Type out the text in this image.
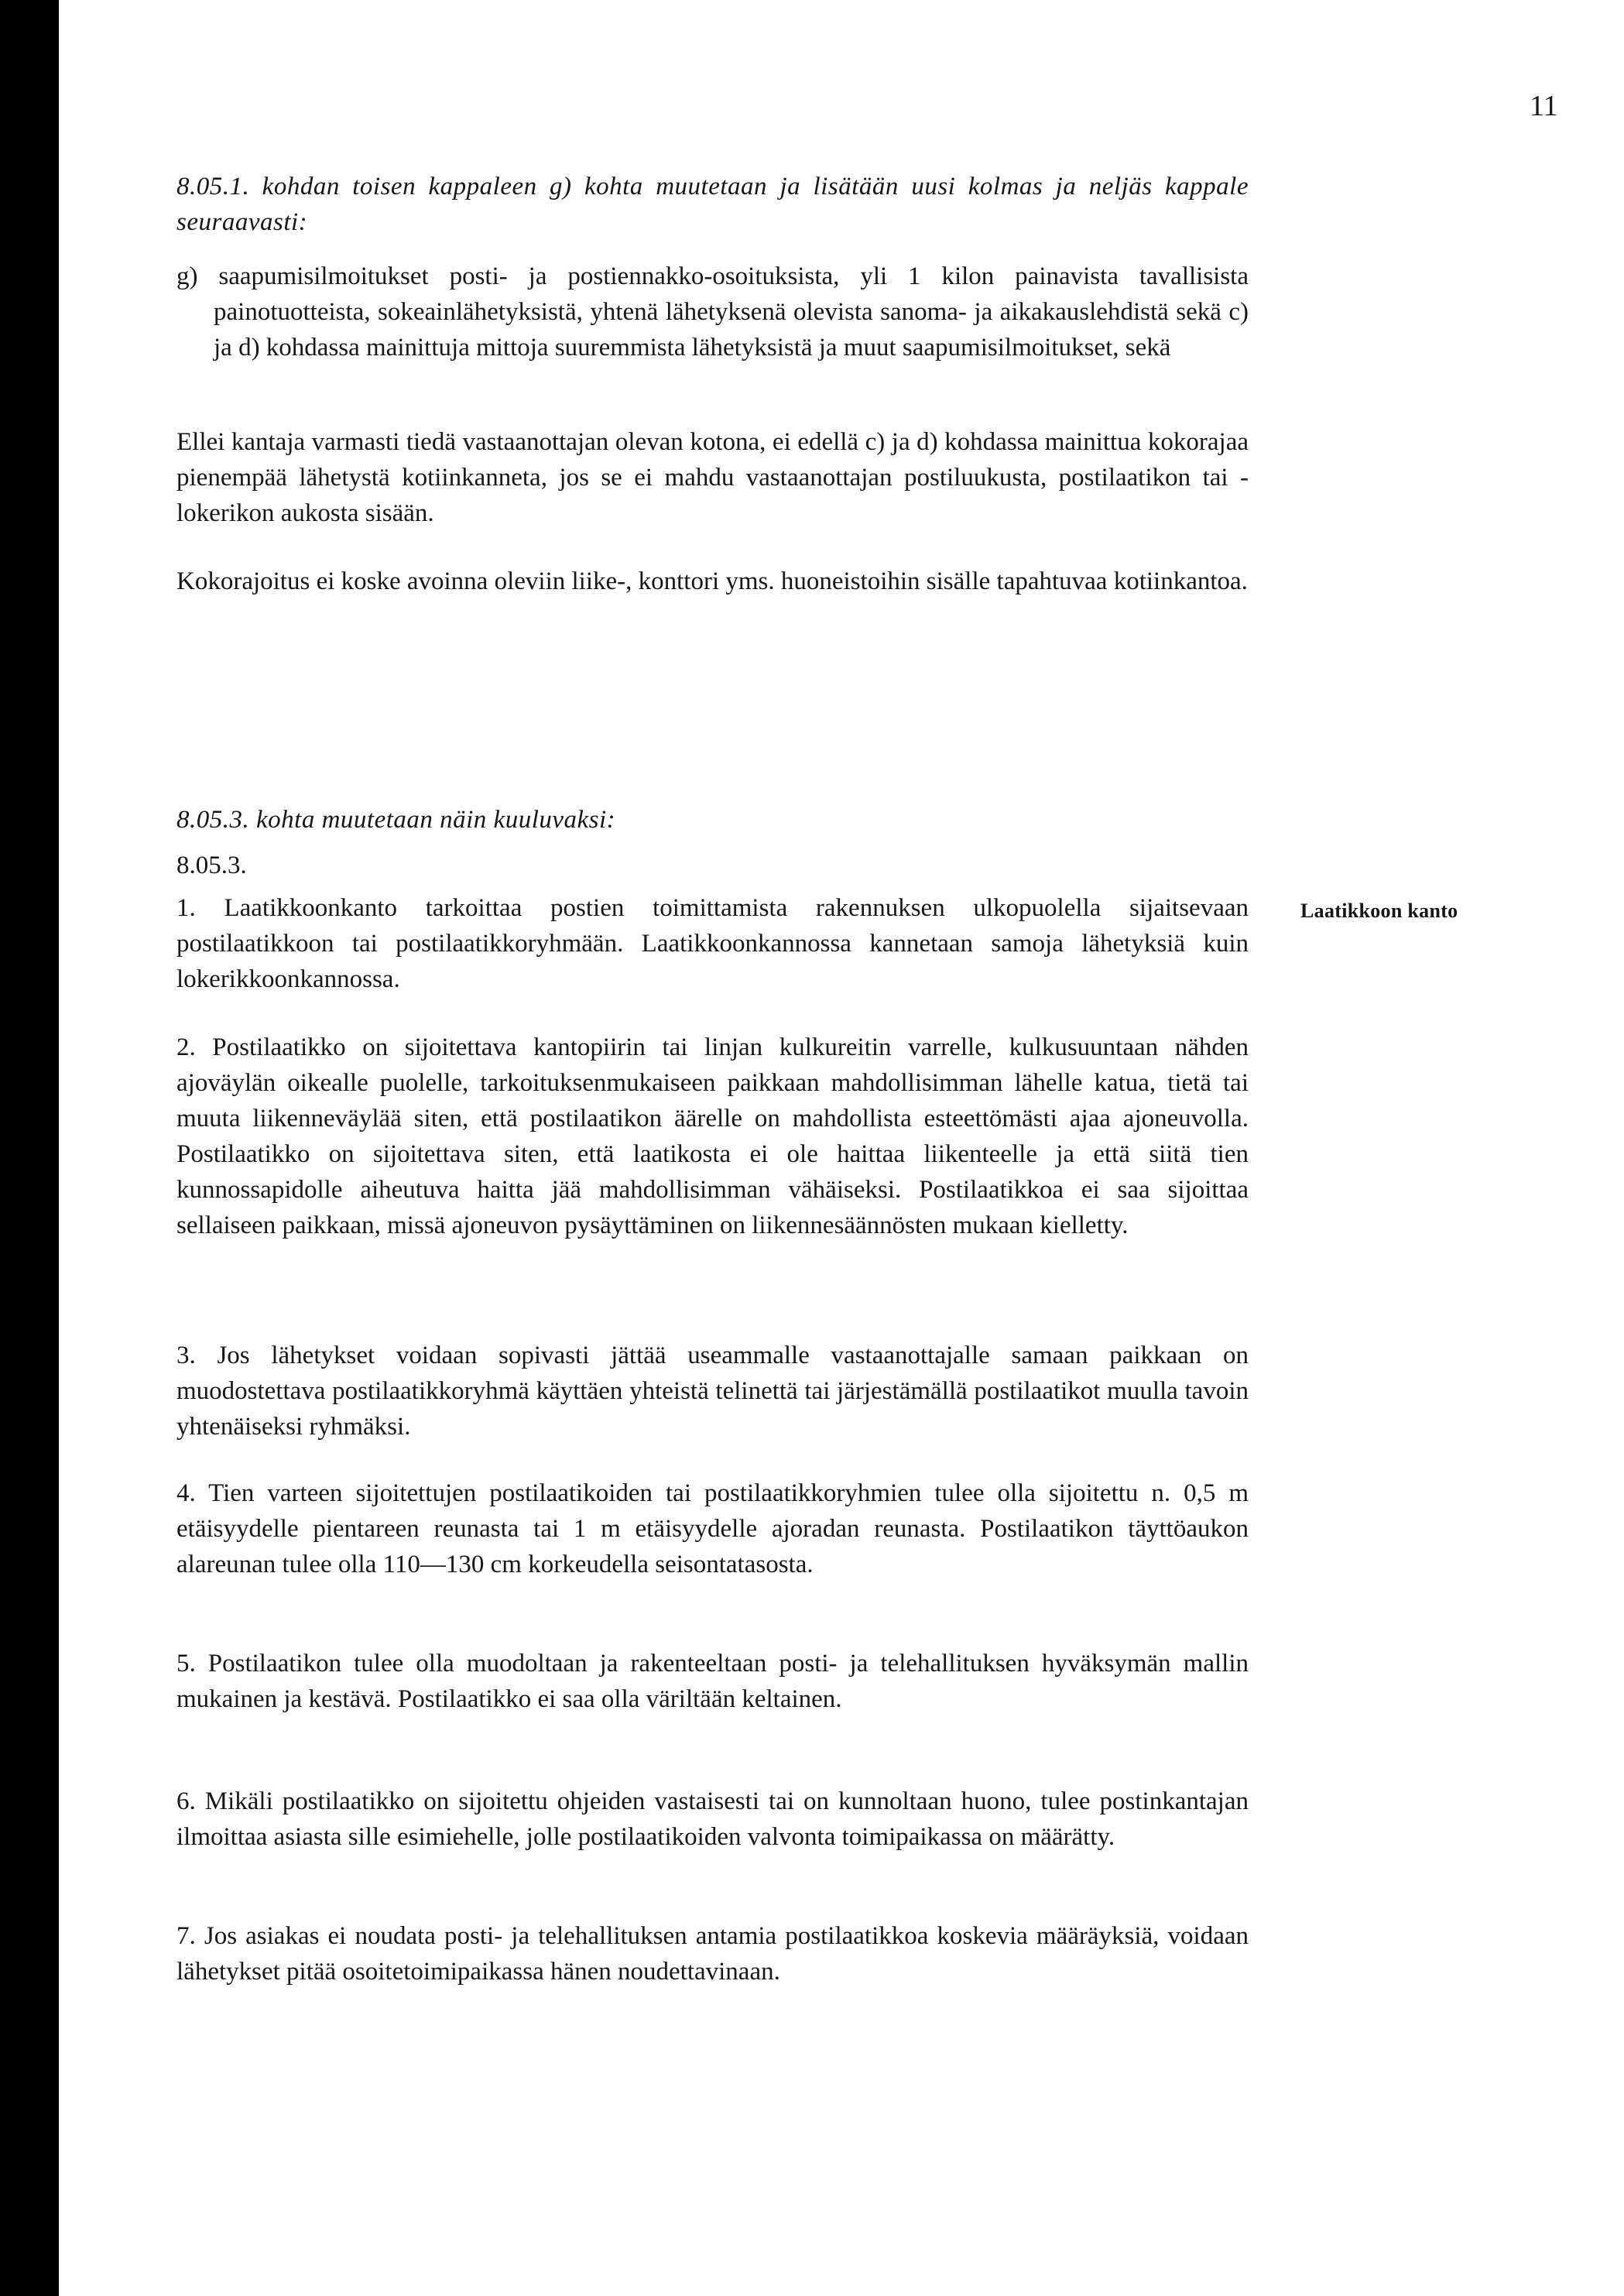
11

8.05.1. kohdan toisen kappaleen g) kohta muutetaan ja lisätään uusi kolmas ja neljäs kappale seuraavasti:

g) saapumisilmoitukset posti- ja postiennakko-osoituksista, yli 1 kilon painavista tavallisista painotuotteista, sokeainlähetyksistä, yhtenä lähetyksenä olevista sanoma- ja aikakauslehdistä sekä c) ja d) kohdassa mainittuja mittoja suuremmista lähetyksistä ja muut saapumisilmoitukset, sekä

Ellei kantaja varmasti tiedä vastaanottajan olevan kotona, ei edellä c) ja d) kohdassa mainittua kokorajaa pienempää lähetystä kotiinkanneta, jos se ei mahdu vastaanottajan postiluukusta, postilaatikon tai -lokerikon aukosta sisään.

Kokorajoitus ei koske avoinna oleviin liike-, konttori yms. huoneistoihin sisälle tapahtuvaa kotiinkantoa.

8.05.3. kohta muutetaan näin kuuluvaksi:

8.05.3.
Laatikkoon kanto

1. Laatikkoonkanto tarkoittaa postien toimittamista rakennuksen ulkopuolella sijaitsevaan postilaatikkoon tai postilaatikkoryhmään. Laatikkoonkannossa kannetaan samoja lähetyksiä kuin lokerikkoonkannossa.

2. Postilaatikko on sijoitettava kantopiirin tai linjan kulkureitin varrelle, kulkusuuntaan nähden ajoväylän oikealle puolelle, tarkoituksenmukaiseen paikkaan mahdollisimman lähelle katua, tietä tai muuta liikenneväylää siten, että postilaatikon äärelle on mahdollista esteettömästi ajaa ajoneuvolla. Postilaatikko on sijoitettava siten, että laatikosta ei ole haittaa liikenteelle ja että siitä tien kunnossapidolle aiheutuva haitta jää mahdollisimman vähäiseksi. Postilaatikkoa ei saa sijoittaa sellaiseen paikkaan, missä ajoneuvon pysäyttäminen on liikennesäännösten mukaan kielletty.

3. Jos lähetykset voidaan sopivasti jättää useammalle vastaanottajalle samaan paikkaan on muodostettava postilaatikkoryhmä käyttäen yhteistä telinettä tai järjestämällä postilaatikot muulla tavoin yhtenäiseksi ryhmäksi.

4. Tien varteen sijoitettujen postilaatikoiden tai postilaatikkoryhmien tulee olla sijoitettu n. 0,5 m etäisyydelle pientareen reunasta tai 1 m etäisyydelle ajoradan reunasta. Postilaatikon täyttöaukon alareunan tulee olla 110—130 cm korkeudella seisontatasosta.

5. Postilaatikon tulee olla muodoltaan ja rakenteeltaan posti- ja telehallituksen hyväksymän mallin mukainen ja kestävä. Postilaatikko ei saa olla väriltään keltainen.

6. Mikäli postilaatikko on sijoitettu ohjeiden vastaisesti tai on kunnoltaan huono, tulee postinkantajan ilmoittaa asiasta sille esimiehelle, jolle postilaatikoiden valvonta toimipaikassa on määrätty.

7. Jos asiakas ei noudata posti- ja telehallituksen antamia postilaatikkoa koskevia määräyksiä, voidaan lähetykset pitää osoitetoimipaikassa hänen noudettavinaan.
